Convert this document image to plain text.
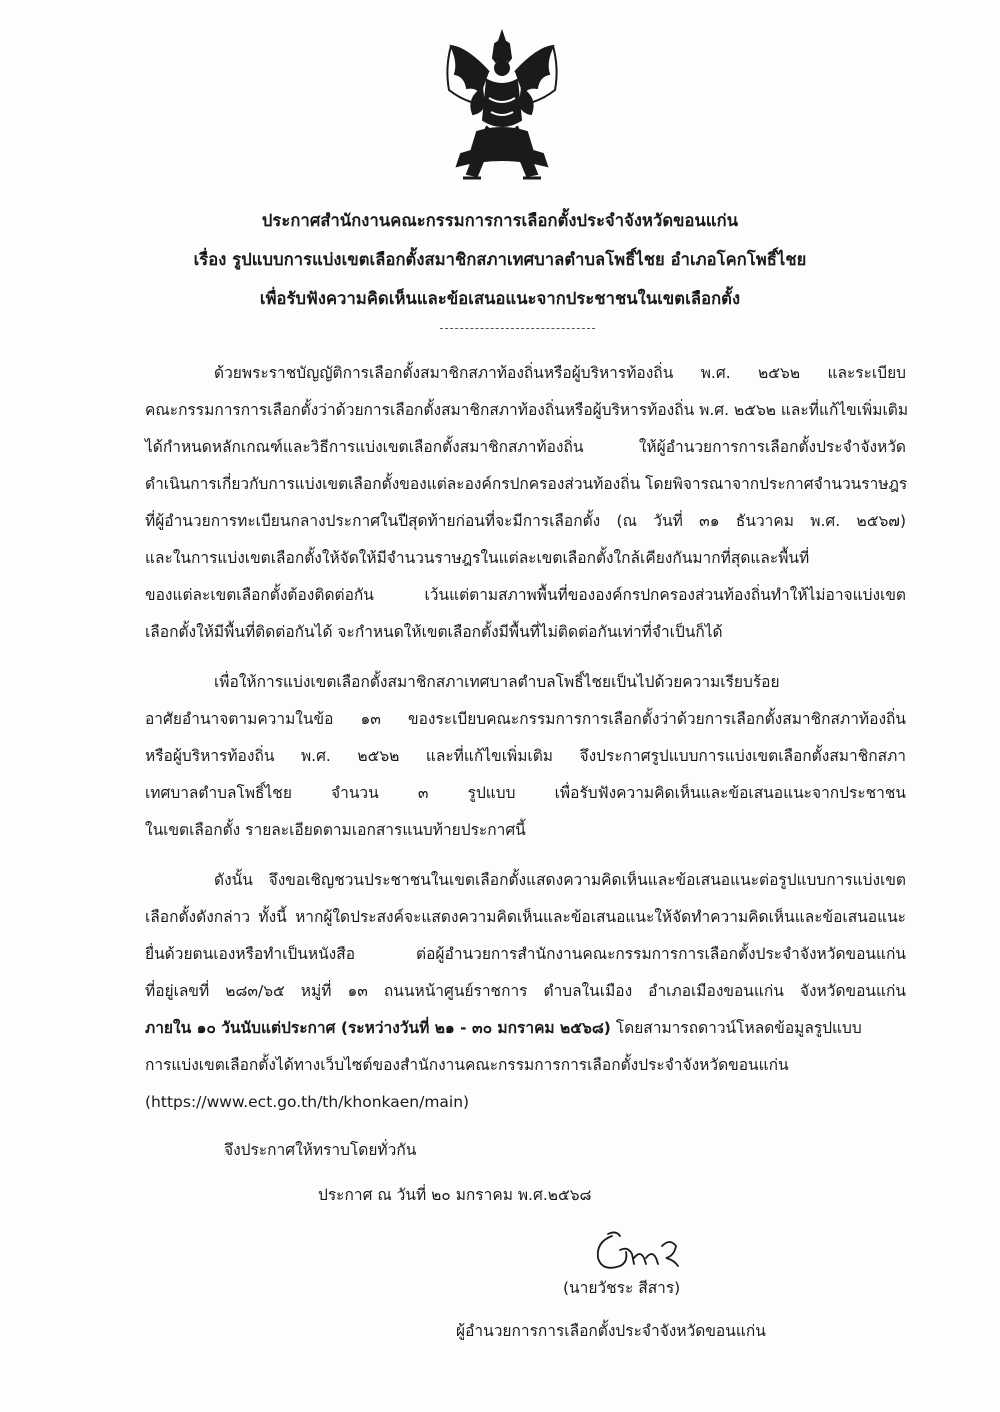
ประกาศสำนักงานคณะกรรมการการเลือกตั้งประจำจังหวัดขอนแก่น
เรื่อง รูปแบบการแบ่งเขตเลือกตั้งสมาชิกสภาเทศบาลตำบลโพธิ์ไชย อำเภอโคกโพธิ์ไชย
เพื่อรับฟังความคิดเห็นและข้อเสนอแนะจากประชาชนในเขตเลือกตั้ง
ด้วยพระราชบัญญัติการเลือกตั้งสมาชิกสภาท้องถิ่นหรือผู้บริหารท้องถิ่น พ.ศ. ๒๕๖๒ และระเบียบ
คณะกรรมการการเลือกตั้งว่าด้วยการเลือกตั้งสมาชิกสภาท้องถิ่นหรือผู้บริหารท้องถิ่น พ.ศ. ๒๕๖๒ และที่แก้ไขเพิ่มเติม
ได้กำหนดหลักเกณฑ์และวิธีการแบ่งเขตเลือกตั้งสมาชิกสภาท้องถิ่น ให้ผู้อำนวยการการเลือกตั้งประจำจังหวัด
ดำเนินการเกี่ยวกับการแบ่งเขตเลือกตั้งของแต่ละองค์กรปกครองส่วนท้องถิ่น โดยพิจารณาจากประกาศจำนวนราษฎร
ที่ผู้อำนวยการทะเบียนกลางประกาศในปีสุดท้ายก่อนที่จะมีการเลือกตั้ง (ณ วันที่ ๓๑ ธันวาคม พ.ศ. ๒๕๖๗)
และในการแบ่งเขตเลือกตั้งให้จัดให้มีจำนวนราษฎรในแต่ละเขตเลือกตั้งใกล้เคียงกันมากที่สุดและพื้นที่
ของแต่ละเขตเลือกตั้งต้องติดต่อกัน เว้นแต่ตามสภาพพื้นที่ขององค์กรปกครองส่วนท้องถิ่นทำให้ไม่อาจแบ่งเขต
เลือกตั้งให้มีพื้นที่ติดต่อกันได้ จะกำหนดให้เขตเลือกตั้งมีพื้นที่ไม่ติดต่อกันเท่าที่จำเป็นก็ได้
เพื่อให้การแบ่งเขตเลือกตั้งสมาชิกสภาเทศบาลตำบลโพธิ์ไชยเป็นไปด้วยความเรียบร้อย
อาศัยอำนาจตามความในข้อ ๑๓ ของระเบียบคณะกรรมการการเลือกตั้งว่าด้วยการเลือกตั้งสมาชิกสภาท้องถิ่น
หรือผู้บริหารท้องถิ่น พ.ศ. ๒๕๖๒ และที่แก้ไขเพิ่มเติม จึงประกาศรูปแบบการแบ่งเขตเลือกตั้งสมาชิกสภา
เทศบาลตำบลโพธิ์ไชย จำนวน ๓ รูปแบบ เพื่อรับฟังความคิดเห็นและข้อเสนอแนะจากประชาชน
ในเขตเลือกตั้ง รายละเอียดตามเอกสารแนบท้ายประกาศนี้
ดังนั้น จึงขอเชิญชวนประชาชนในเขตเลือกตั้งแสดงความคิดเห็นและข้อเสนอแนะต่อรูปแบบการแบ่งเขต
เลือกตั้งดังกล่าว ทั้งนี้ หากผู้ใดประสงค์จะแสดงความคิดเห็นและข้อเสนอแนะให้จัดทำความคิดเห็นและข้อเสนอแนะ
ยื่นด้วยตนเองหรือทำเป็นหนังสือ ต่อผู้อำนวยการสำนักงานคณะกรรมการการเลือกตั้งประจำจังหวัดขอนแก่น
ที่อยู่เลขที่ ๒๘๓/๖๕ หมู่ที่ ๑๓ ถนนหน้าศูนย์ราชการ ตำบลในเมือง อำเภอเมืองขอนแก่น จังหวัดขอนแก่น
ภายใน ๑๐ วันนับแต่ประกาศ (ระหว่างวันที่ ๒๑ - ๓๐ มกราคม ๒๕๖๘) โดยสามารถดาวน์โหลดข้อมูลรูปแบบ
การแบ่งเขตเลือกตั้งได้ทางเว็บไซต์ของสำนักงานคณะกรรมการการเลือกตั้งประจำจังหวัดขอนแก่น
(https://www.ect.go.th/th/khonkaen/main)
จึงประกาศให้ทราบโดยทั่วกัน
ประกาศ ณ วันที่ ๒๐ มกราคม พ.ศ.๒๕๖๘
(นายวัชระ สีสาร)
ผู้อำนวยการการเลือกตั้งประจำจังหวัดขอนแก่น
